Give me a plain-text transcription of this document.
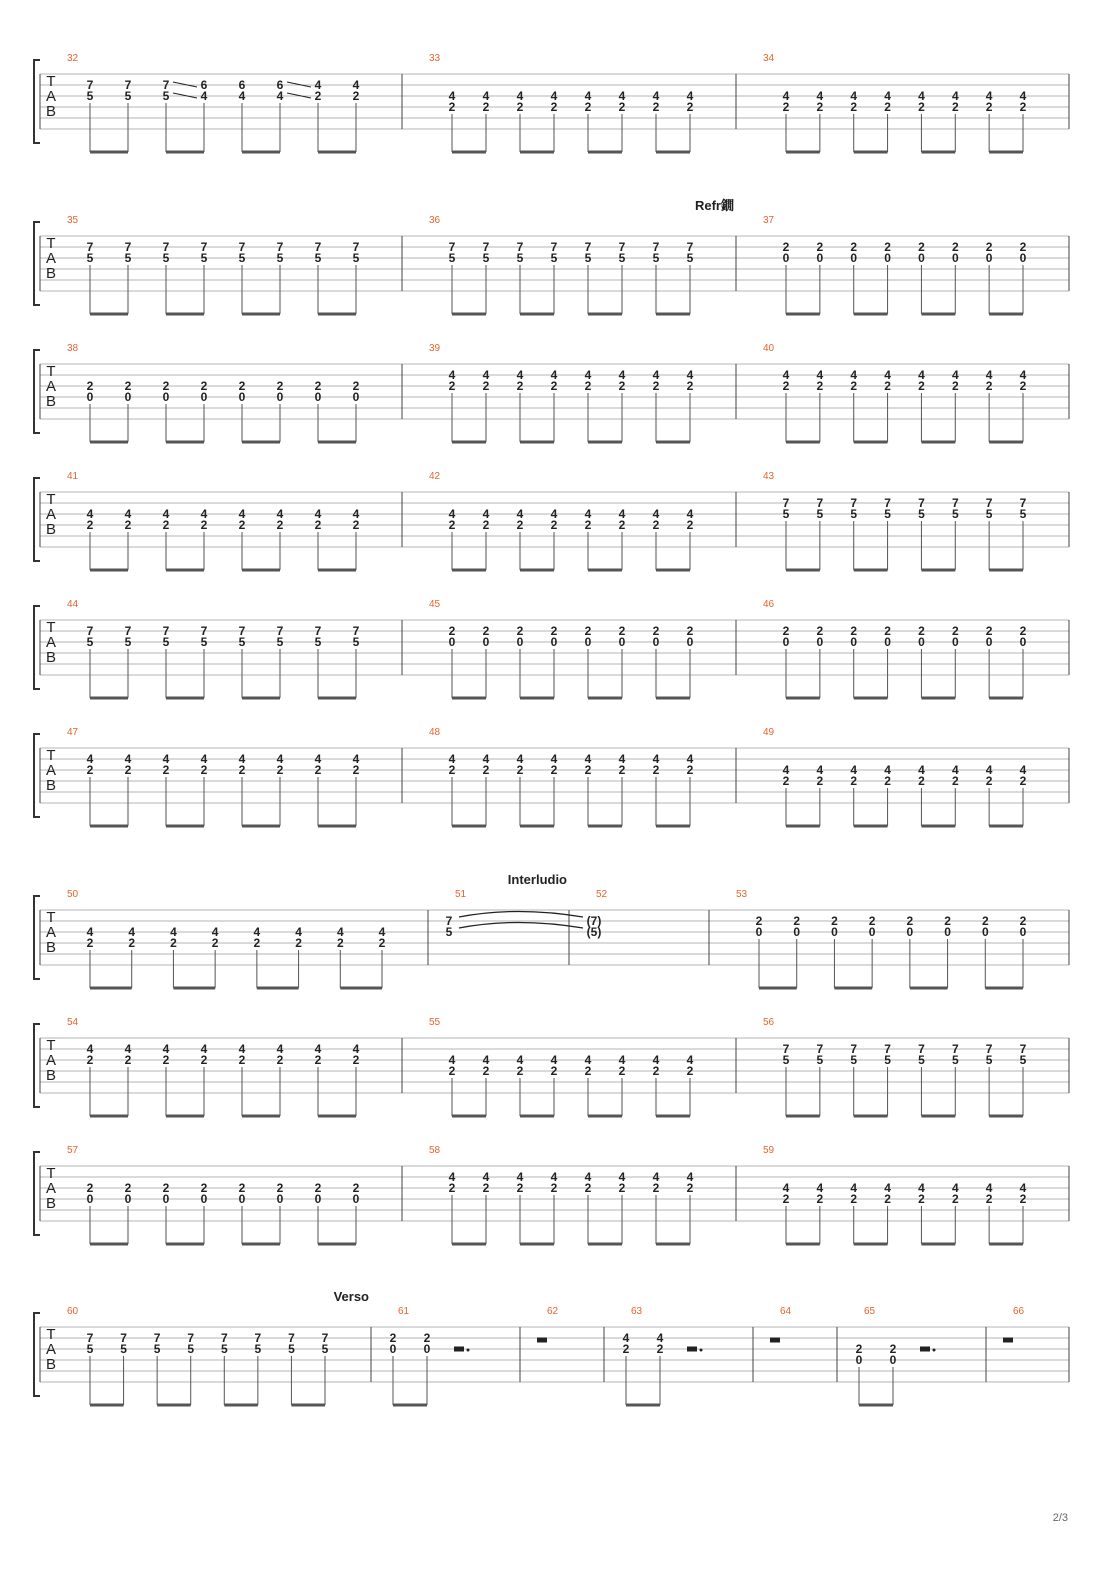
T
A
B
32
7
5
7
5
7
5
6
4
6
4
6
4
4
2
4
2
33
4
2
4
2
4
2
4
2
4
2
4
2
4
2
4
2
34
4
2
4
2
4
2
4
2
4
2
4
2
4
2
4
2
T
A
B
Refr鐗
35
7
5
7
5
7
5
7
5
7
5
7
5
7
5
7
5
36
7
5
7
5
7
5
7
5
7
5
7
5
7
5
7
5
37
2
0
2
0
2
0
2
0
2
0
2
0
2
0
2
0
T
A
B
38
2
0
2
0
2
0
2
0
2
0
2
0
2
0
2
0
39
4
2
4
2
4
2
4
2
4
2
4
2
4
2
4
2
40
4
2
4
2
4
2
4
2
4
2
4
2
4
2
4
2
T
A
B
41
4
2
4
2
4
2
4
2
4
2
4
2
4
2
4
2
42
4
2
4
2
4
2
4
2
4
2
4
2
4
2
4
2
43
7
5
7
5
7
5
7
5
7
5
7
5
7
5
7
5
T
A
B
44
7
5
7
5
7
5
7
5
7
5
7
5
7
5
7
5
45
2
0
2
0
2
0
2
0
2
0
2
0
2
0
2
0
46
2
0
2
0
2
0
2
0
2
0
2
0
2
0
2
0
T
A
B
47
4
2
4
2
4
2
4
2
4
2
4
2
4
2
4
2
48
4
2
4
2
4
2
4
2
4
2
4
2
4
2
4
2
49
4
2
4
2
4
2
4
2
4
2
4
2
4
2
4
2
T
A
B
Interludio
50
4
2
4
2
4
2
4
2
4
2
4
2
4
2
4
2
51
7
5
52
(7)
(5)
53
2
0
2
0
2
0
2
0
2
0
2
0
2
0
2
0
T
A
B
54
4
2
4
2
4
2
4
2
4
2
4
2
4
2
4
2
55
4
2
4
2
4
2
4
2
4
2
4
2
4
2
4
2
56
7
5
7
5
7
5
7
5
7
5
7
5
7
5
7
5
T
A
B
57
2
0
2
0
2
0
2
0
2
0
2
0
2
0
2
0
58
4
2
4
2
4
2
4
2
4
2
4
2
4
2
4
2
59
4
2
4
2
4
2
4
2
4
2
4
2
4
2
4
2
T
A
B
Verso
60
7
5
7
5
7
5
7
5
7
5
7
5
7
5
7
5
61
2
0
2
0
62	63
4
2
4
2
64	65
2
0
2
0
66
2/3
